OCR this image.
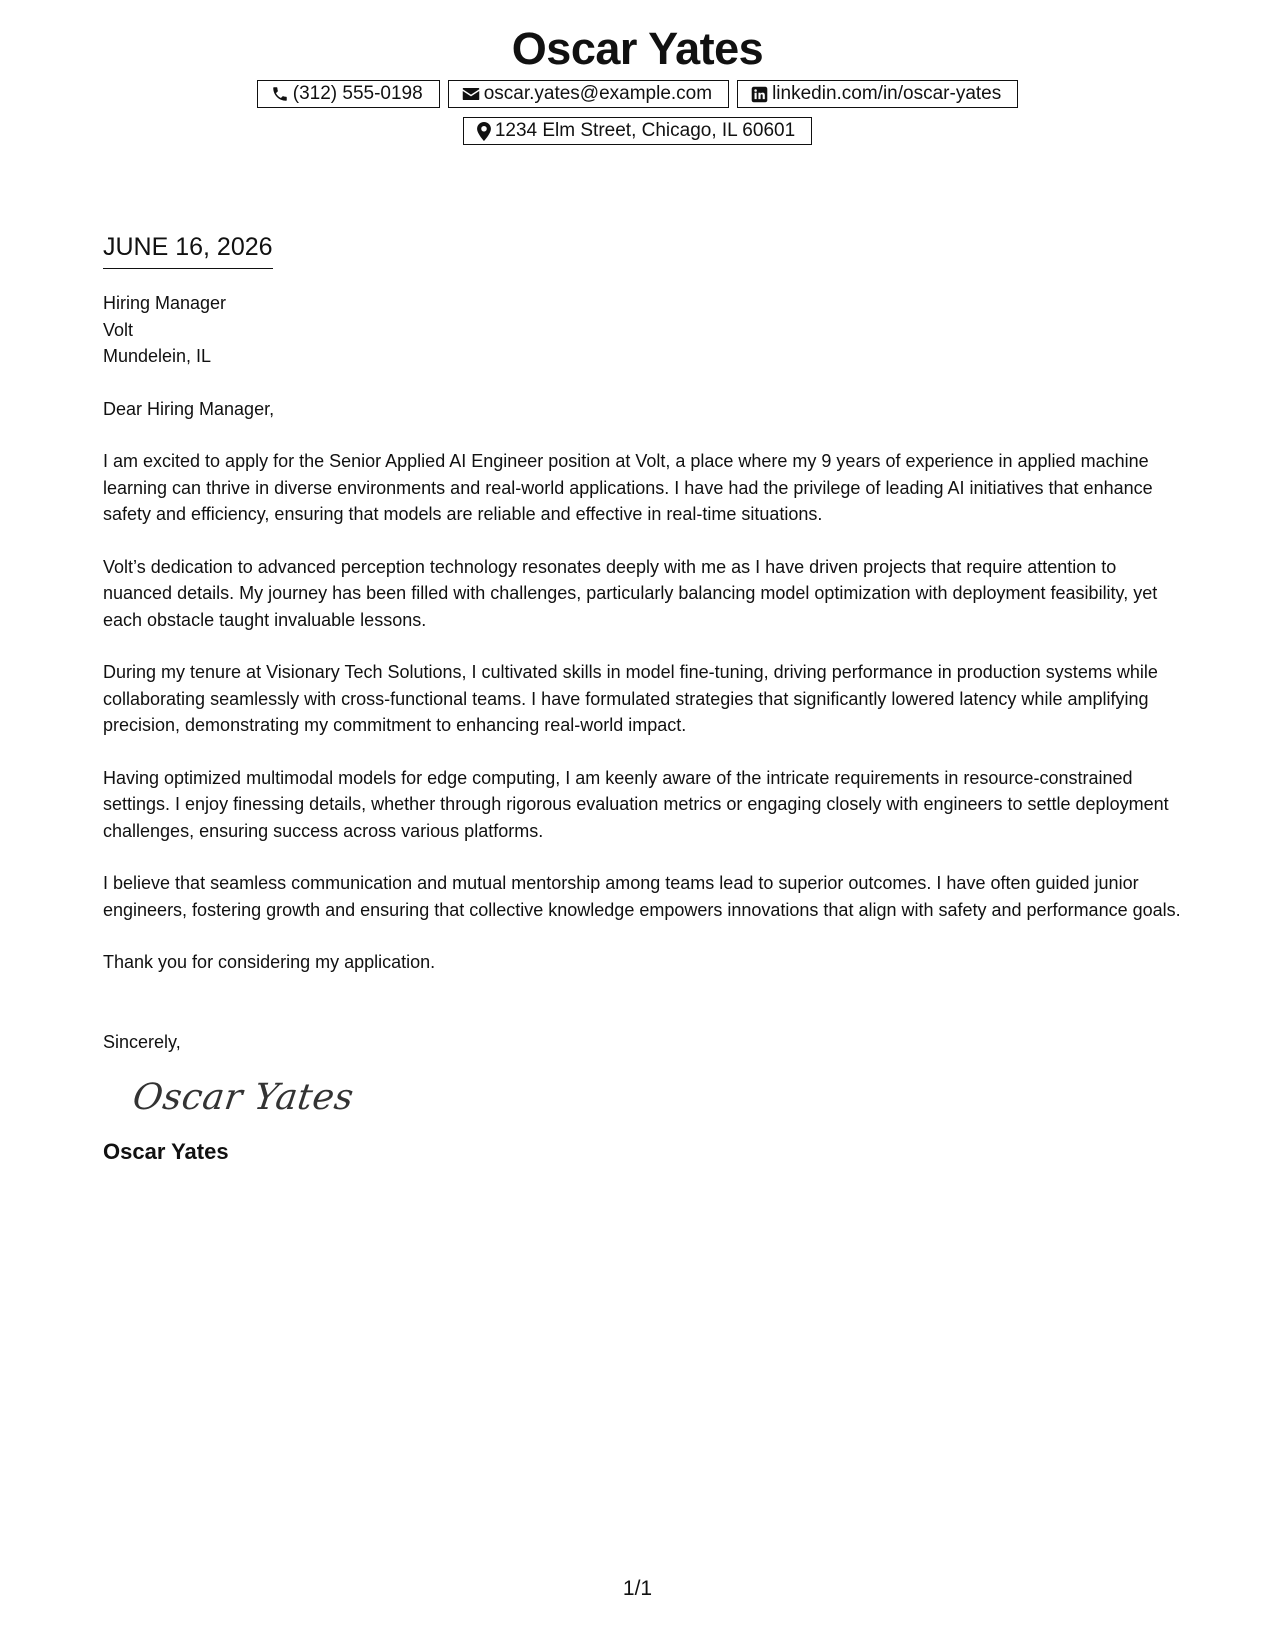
Oscar Yates
(312) 555-0198	oscar.yates@example.com	linkedin.com/in/oscar-yates
1234 Elm Street, Chicago, IL 60601
JUNE 16, 2026
Hiring Manager
Volt
Mundelein, IL
Dear Hiring Manager,
I am excited to apply for the Senior Applied AI Engineer position at Volt, a place where my 9 years of experience in applied machine learning can thrive in diverse environments and real-world applications. I have had the privilege of leading AI initiatives that enhance safety and efficiency, ensuring that models are reliable and effective in real-time situations.
Volt’s dedication to advanced perception technology resonates deeply with me as I have driven projects that require attention to nuanced details. My journey has been filled with challenges, particularly balancing model optimization with deployment feasibility, yet each obstacle taught invaluable lessons.
During my tenure at Visionary Tech Solutions, I cultivated skills in model fine-tuning, driving performance in production systems while collaborating seamlessly with cross-functional teams. I have formulated strategies that significantly lowered latency while amplifying precision, demonstrating my commitment to enhancing real-world impact.
Having optimized multimodal models for edge computing, I am keenly aware of the intricate requirements in resource-constrained settings. I enjoy finessing details, whether through rigorous evaluation metrics or engaging closely with engineers to settle deployment challenges, ensuring success across various platforms.
I believe that seamless communication and mutual mentorship among teams lead to superior outcomes. I have often guided junior engineers, fostering growth and ensuring that collective knowledge empowers innovations that align with safety and performance goals.
Thank you for considering my application.
Sincerely,
Oscar Yates
Oscar Yates
1/1
